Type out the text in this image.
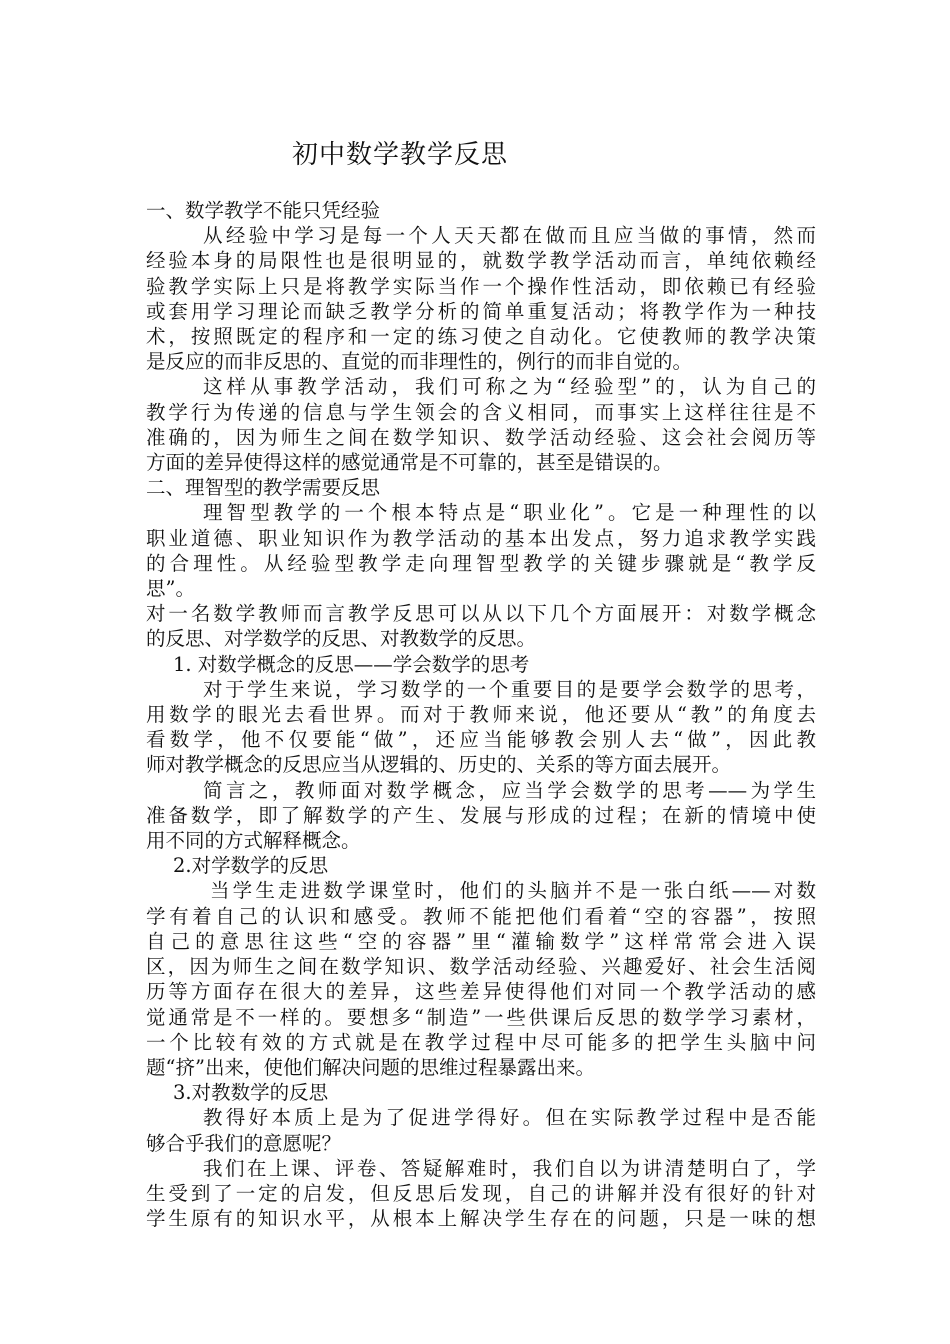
初中数学教学反思
一、数学教学不能只凭经验
从经验中学习是每一个人天天都在做而且应当做的事情，然而
经验本身的局限性也是很明显的，就数学教学活动而言，单纯依赖经
验教学实际上只是将教学实际当作一个操作性活动，即依赖已有经验
或套用学习理论而缺乏教学分析的简单重复活动；将教学作为一种技
术，按照既定的程序和一定的练习使之自动化。它使教师的教学决策
是反应的而非反思的、直觉的而非理性的，例行的而非自觉的。
这样从事教学活动，我们可称之为“经验型”的，认为自己的
教学行为传递的信息与学生领会的含义相同，而事实上这样往往是不
准确的，因为师生之间在数学知识、数学活动经验、这会社会阅历等
方面的差异使得这样的感觉通常是不可靠的，甚至是错误的。
二、理智型的教学需要反思
理智型教学的一个根本特点是“职业化”。它是一种理性的以
职业道德、职业知识作为教学活动的基本出发点，努力追求教学实践
的合理性。从经验型教学走向理智型教学的关键步骤就是“教学反
思”。
对一名数学教师而言教学反思可以从以下几个方面展开：对数学概念
的反思、对学数学的反思、对教数学的反思。
1. 对数学概念的反思——学会数学的思考
对于学生来说，学习数学的一个重要目的是要学会数学的思考，
用数学的眼光去看世界。而对于教师来说，他还要从“教”的角度去
看数学，他不仅要能“做”，还应当能够教会别人去“做”，因此教
师对教学概念的反思应当从逻辑的、历史的、关系的等方面去展开。
简言之，教师面对数学概念，应当学会数学的思考——为学生
准备数学，即了解数学的产生、发展与形成的过程；在新的情境中使
用不同的方式解释概念。
2.对学数学的反思
当学生走进数学课堂时，他们的头脑并不是一张白纸——对数
学有着自己的认识和感受。教师不能把他们看着“空的容器”，按照
自己的意思往这些“空的容器”里“灌输数学”这样常常会进入误
区，因为师生之间在数学知识、数学活动经验、兴趣爱好、社会生活阅
历等方面存在很大的差异，这些差异使得他们对同一个教学活动的感
觉通常是不一样的。要想多“制造”一些供课后反思的数学学习素材，
一个比较有效的方式就是在教学过程中尽可能多的把学生头脑中问
题“挤”出来，使他们解决问题的思维过程暴露出来。
3.对教数学的反思
教得好本质上是为了促进学得好。但在实际教学过程中是否能
够合乎我们的意愿呢？
我们在上课、评卷、答疑解难时，我们自以为讲清楚明白了，学
生受到了一定的启发，但反思后发现，自己的讲解并没有很好的针对
学生原有的知识水平，从根本上解决学生存在的问题，只是一味的想
